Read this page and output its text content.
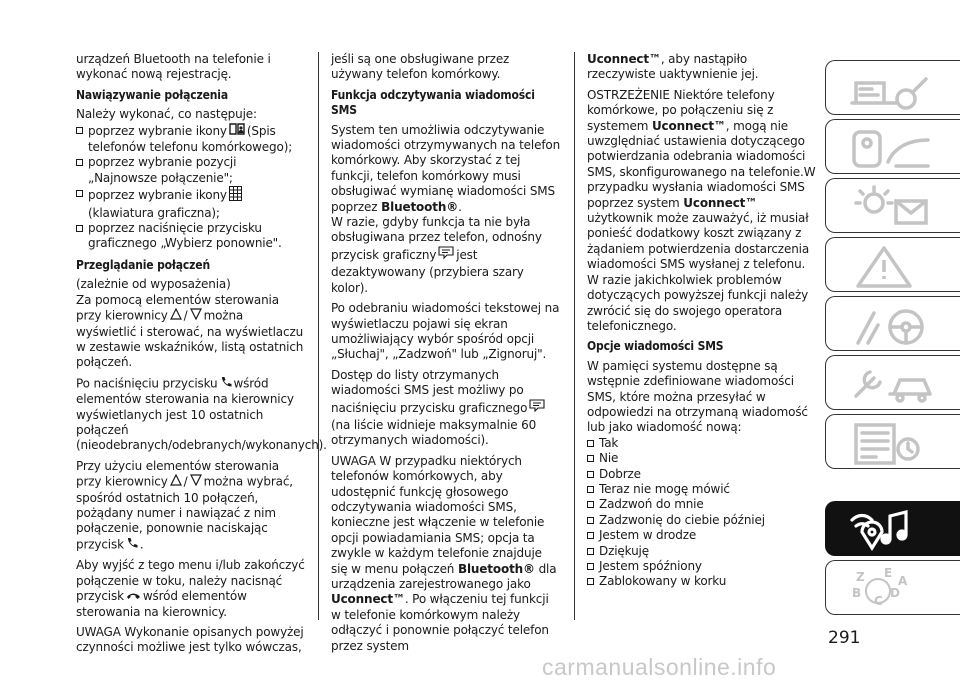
urządzeń Bluetooth na telefonie i wykonać nową rejestrację.

Nawiązywanie połączenia

Należy wykonać, co następuje:

poprzez wybranie ikony (Spis telefonów telefonu komórkowego);
poprzez wybranie pozycji „Najnowsze połączenie";
poprzez wybranie ikony(klawiatura graficzna);
poprzez naciśnięcie przycisku graficznego „Wybierz ponownie".

Przeglądanie połączeń

(zależnie od wyposażenia)

Za pomocą elementów sterowania przy kierownicy / można wyświetlić i sterować, na wyświetlaczu w zestawie wskaźników, listą ostatnich połączeń.

Po naciśnięciu przycisku wśród elementów sterowania na kierownicy wyświetlanych jest 10 ostatnich połączeń (nieodebranych/odebranych/wykonanych).

Przy użyciu elementów sterowania przy kierownicy / można wybrać, spośród ostatnich 10 połączeń, pożądany numer i nawiązać z nim połączenie, ponownie naciskając przycisk .

Aby wyjść z tego menu i/lub zakończyć połączenie w toku, należy nacisnąć przycisk wśród elementów sterowania na kierownicy.

UWAGA Wykonanie opisanych powyżej czynności możliwe jest tylko wówczas,

jeśli są one obsługiwane przez używany telefon komórkowy.

Funkcja odczytywania wiadomości SMS

System ten umożliwia odczytywanie wiadomości otrzymywanych na telefon komórkowy. Aby skorzystać z tej funkcji, telefon komórkowy musi obsługiwać wymianę wiadomości SMS poprzez Bluetooth®.

W razie, gdyby funkcja ta nie była obsługiwana przez telefon, odnośny przycisk graficzny jest dezaktywowany (przybiera szary kolor).

Po odebraniu wiadomości tekstowej na wyświetlaczu pojawi się ekran umożliwiający wybór spośród opcji „Słuchaj", „Zadzwoń" lub „Zignoruj".

Dostęp do listy otrzymanych wiadomości SMS jest możliwy po naciśnięciu przycisku graficznego(na liście widnieje maksymalnie 60 otrzymanych wiadomości).

UWAGA W przypadku niektórych telefonów komórkowych, aby udostępnić funkcję głosowego odczytywania wiadomości SMS, konieczne jest włączenie w telefonie opcji powiadamiania SMS; opcja ta zwykle w każdym telefonie znajduje się w menu połączeń Bluetooth® dla urządzenia zarejestrowanego jako Uconnect™. Po włączeniu tej funkcji w telefonie komórkowym należy odłączyć i ponownie połączyć telefon przez system

Uconnect™, aby nastąpiło rzeczywiste uaktywnienie jej.

OSTRZEŻENIE Niektóre telefony komórkowe, po połączeniu się z systemem Uconnect™, mogą nie uwzględniać ustawienia dotyczącego potwierdzania odebrania wiadomości SMS, skonfigurowanego na telefonie.W przypadku wysłania wiadomości SMS poprzez system Uconnect™ użytkownik może zauważyć, iż musiał ponieść dodatkowy koszt związany z żądaniem potwierdzenia dostarczenia wiadomości SMS wysłanej z telefonu. W razie jakichkolwiek problemów dotyczących powyższej funkcji należy zwrócić się do swojego operatora telefonicznego.

Opcje wiadomości SMS

W pamięci systemu dostępne są wstępnie zdefiniowane wiadomości SMS, które można przesyłać w odpowiedzi na otrzymaną wiadomość lub jako wiadomość nową:

Tak
Nie
Dobrze
Teraz nie mogę mówić
Zadzwoń do mnie
Zadzwonię do ciebie później
Jestem w drodze
Dziękuję
Jestem spóźniony
Zablokowany w korku	Z E
B
C
D
A
291
carmanualsonline.info
